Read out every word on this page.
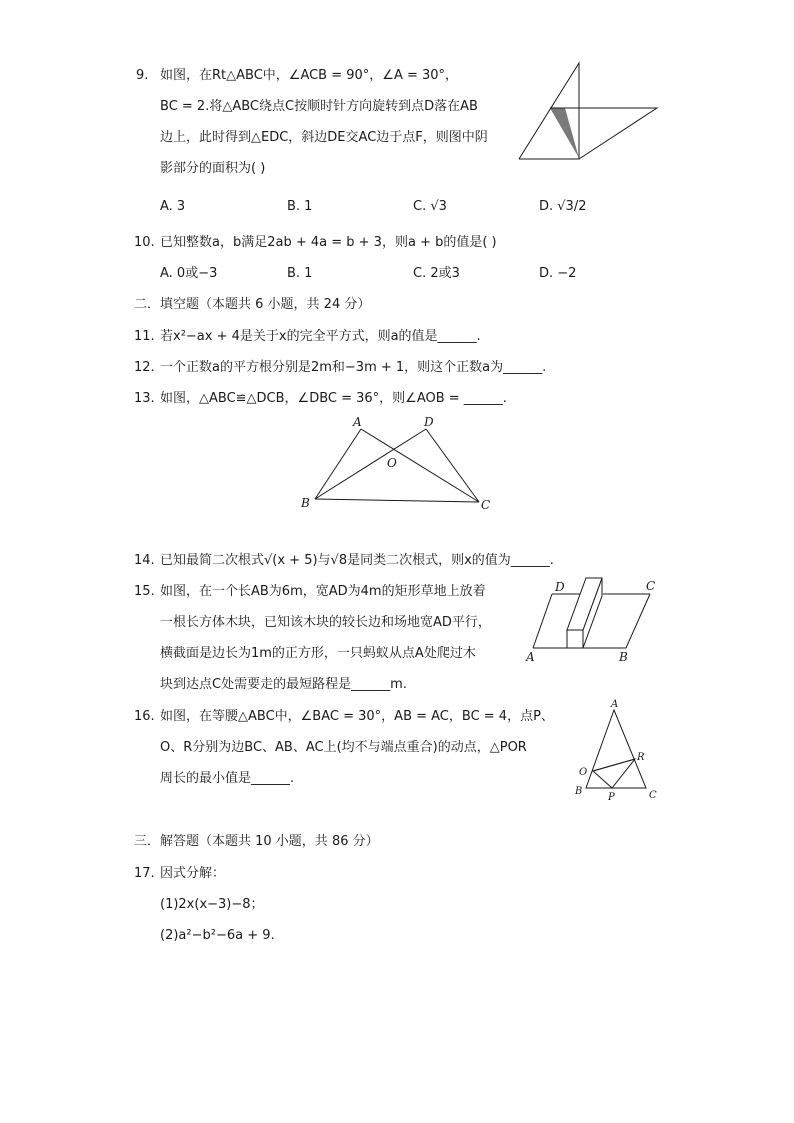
9. 如图，在Rt△ABC中，∠ACB = 90°，∠A = 30°，
BC = 2.将△ABC绕点C按顺时针方向旋转到点D落在AB
边上，此时得到△EDC，斜边DE交AC边于点F，则图中阴
影部分的面积为( )
A. 3	B. 1	C. √3	D. √3/2
10. 已知整数a，b满足2ab + 4a = b + 3，则a + b的值是( )
A. 0或−3	B. 1	C. 2或3	D. −2
二．填空题（本题共 6 小题，共 24 分）
11. 若x²−ax + 4是关于x的完全平方式，则a的值是______.
12. 一个正数a的平方根分别是2m和−3m + 1，则这个正数a为______.
13. 如图，△ABC≌△DCB，∠DBC = 36°，则∠AOB = ______.
A	D
O
B	C
14. 已知最简二次根式√(x + 5)与√8是同类二次根式，则x的值为______.
15. 如图，在一个长AB为6m，宽AD为4m的矩形草地上放着
一根长方体木块，已知该木块的较长边和场地宽AD平行，
横截面是边长为1m的正方形，一只蚂蚁从点A处爬过木
块到达点C处需要走的最短路程是______m.
D	C
A	B
16. 如图，在等腰△ABC中，∠BAC = 30°，AB = AC，BC = 4，点P、
O、R分别为边BC、AB、AC上(均不与端点重合)的动点，△POR
周长的最小值是______.
A
O
R
B
P	C
三．解答题（本题共 10 小题，共 86 分）
17. 因式分解：
(1)2x(x−3)−8；
(2)a²−b²−6a + 9.
